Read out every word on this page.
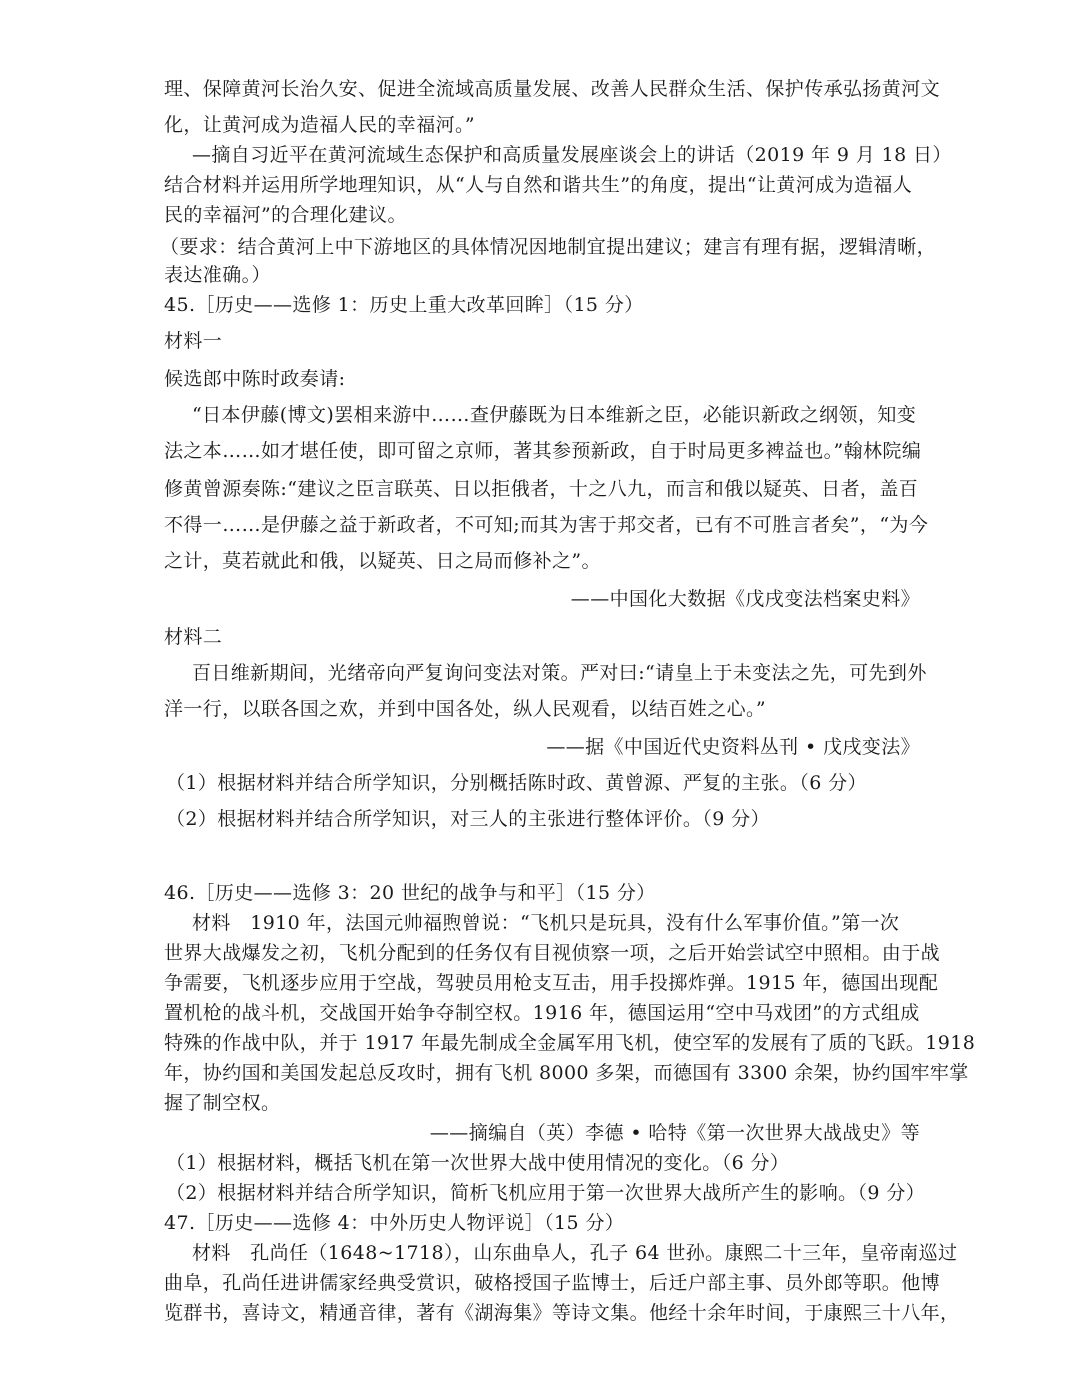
理、保障黄河长治久安、促进全流域高质量发展、改善人民群众生活、保护传承弘扬黄河文
化，让黄河成为造福人民的幸福河。”
—摘自习近平在黄河流域生态保护和高质量发展座谈会上的讲话（2019 年 9 月 18 日）
结合材料并运用所学地理知识，从“人与自然和谐共生”的角度，提出“让黄河成为造福人
民的幸福河”的合理化建议。
（要求：结合黄河上中下游地区的具体情况因地制宜提出建议；建言有理有据，逻辑清晰，
表达准确。）
45.［历史——选修 1：历史上重大改革回眸］（15 分）
材料一
候选郎中陈时政奏请:
“日本伊藤(博文)罢相来游中……查伊藤既为日本维新之臣，必能识新政之纲领，知变
法之本……如才堪任使，即可留之京师，著其参预新政，自于时局更多裨益也。”翰林院编
修黄曾源奏陈:“建议之臣言联英、日以拒俄者，十之八九，而言和俄以疑英、日者，盖百
不得一……是伊藤之益于新政者，不可知;而其为害于邦交者，已有不可胜言者矣”，“为今
之计，莫若就此和俄，以疑英、日之局而修补之”。
——中国化大数据《戊戌变法档案史料》
材料二
百日维新期间，光绪帝向严复询问变法对策。严对曰:“请皇上于未变法之先，可先到外
洋一行，以联各国之欢，并到中国各处，纵人民观看，以结百姓之心。”
——据《中国近代史资料丛刊 • 戊戌变法》
（1）根据材料并结合所学知识，分别概括陈时政、黄曾源、严复的主张。（6 分）
（2）根据材料并结合所学知识，对三人的主张进行整体评价。（9 分）
46.［历史——选修 3：20 世纪的战争与和平］（15 分）
材料　1910 年，法国元帅福煦曾说：“飞机只是玩具，没有什么军事价值。”第一次
世界大战爆发之初，飞机分配到的任务仅有目视侦察一项，之后开始尝试空中照相。由于战
争需要，飞机逐步应用于空战，驾驶员用枪支互击，用手投掷炸弹。1915 年，德国出现配
置机枪的战斗机，交战国开始争夺制空权。1916 年，德国运用“空中马戏团”的方式组成
特殊的作战中队，并于 1917 年最先制成全金属军用飞机，使空军的发展有了质的飞跃。1918
年，协约国和美国发起总反攻时，拥有飞机 8000 多架，而德国有 3300 余架，协约国牢牢掌
握了制空权。
——摘编自（英）李德 • 哈特《第一次世界大战战史》等
（1）根据材料，概括飞机在第一次世界大战中使用情况的变化。（6 分）
（2）根据材料并结合所学知识，简析飞机应用于第一次世界大战所产生的影响。（9 分）
47.［历史——选修 4：中外历史人物评说］（15 分）
材料　孔尚任（1648~1718），山东曲阜人，孔子 64 世孙。康熙二十三年，皇帝南巡过
曲阜，孔尚任进讲儒家经典受赏识，破格授国子监博士，后迁户部主事、员外郎等职。他博
览群书，喜诗文，精通音律，著有《湖海集》等诗文集。他经十余年时间，于康熙三十八年，
